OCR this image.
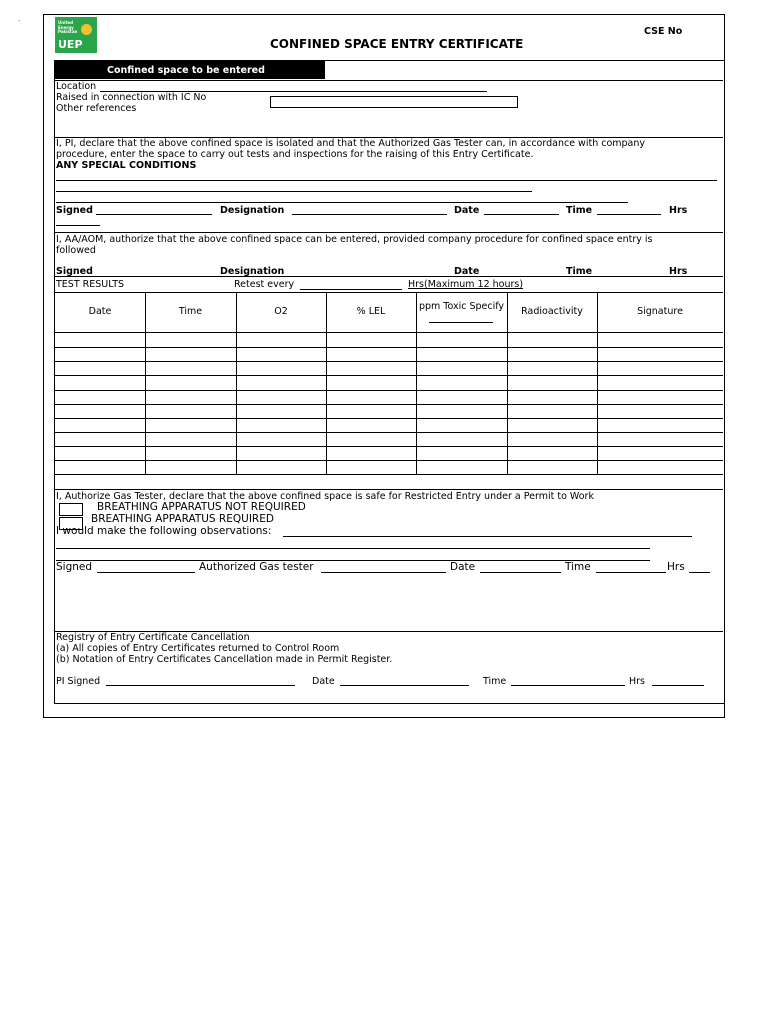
.	United
Energy
Pakistan
UEP	CONFINED SPACE ENTRY CERTIFICATE
CSE No
Confined space to be entered
Location
Raised in connection with IC No
Other references
I, PI, declare that the above confined space is isolated and that the Authorized Gas Tester can, in accordance with company
procedure, enter the space to carry out tests and inspections for the raising of this Entry Certificate.
ANY SPECIAL CONDITIONS
Signed	Designation	Date	Time	Hrs
I, AA/AOM, authorize that the above confined space can be entered, provided company procedure for confined space entry is
followed
Signed	Designation	Date	Time	Hrs
TEST RESULTS	Retest every	Hrs(Maximum 12 hours)
Date	Time	O2	% LEL	ppm Toxic Specify	Radioactivity	Signature
I, Authorize Gas Tester, declare that the above confined space is safe for Restricted Entry under a Permit to Work
BREATHING APPARATUS NOT REQUIRED
BREATHING APPARATUS REQUIRED
I would make the following observations:
Signed	Authorized Gas tester	Date	Time	Hrs
Registry of Entry Certificate Cancellation
(a) All copies of Entry Certificates returned to Control Room
(b) Notation of Entry Certificates Cancellation made in Permit Register.
PI Signed	Date	Time	Hrs
